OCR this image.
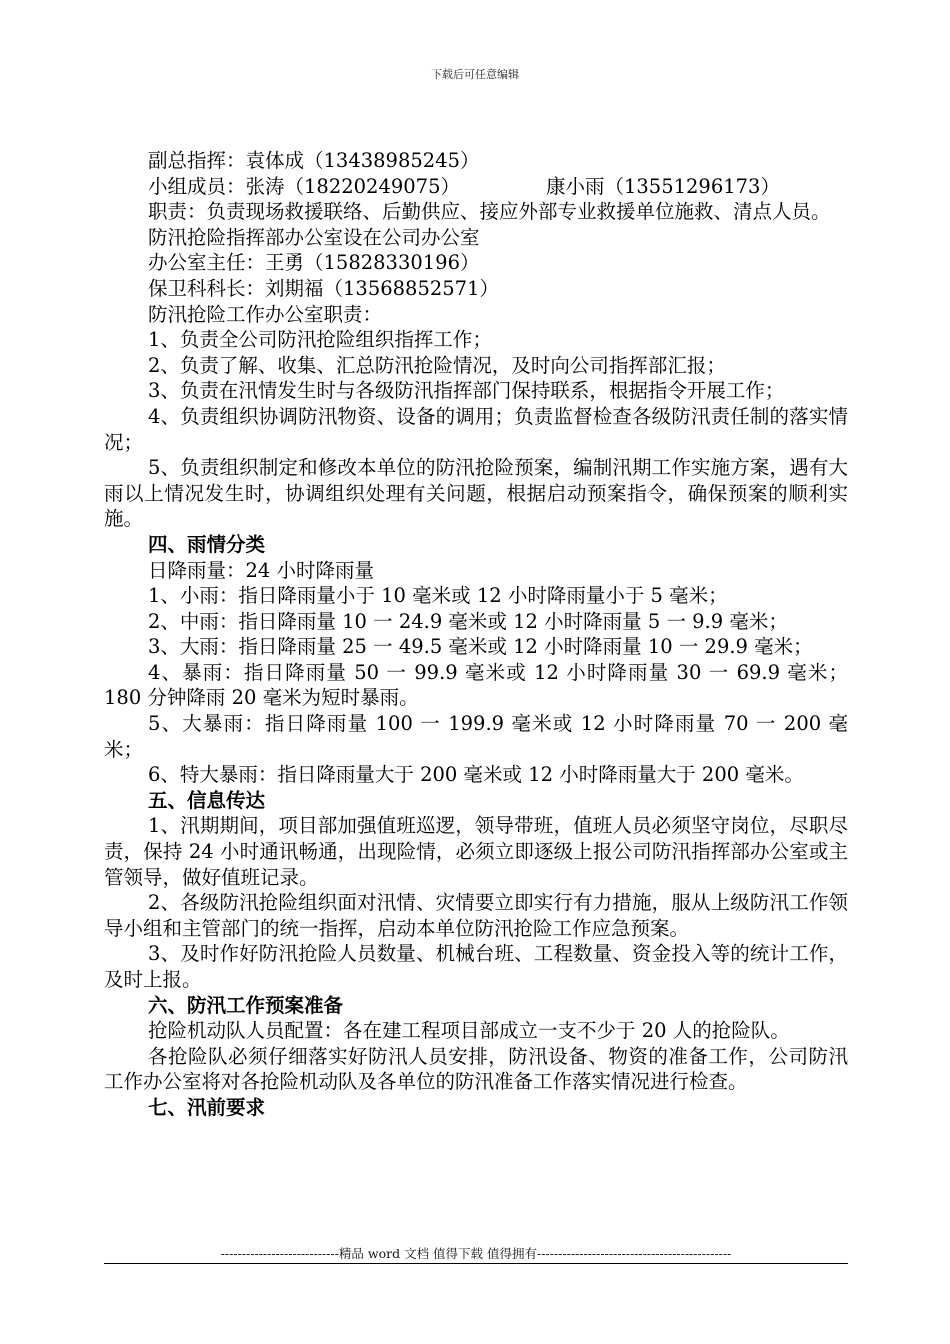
下载后可任意编辑
副总指挥：袁体成（13438985245）
小组成员：张涛（18220249075）	康小雨（13551296173）
职责：负责现场救援联络、后勤供应、接应外部专业救援单位施救、清点人员。
防汛抢险指挥部办公室设在公司办公室
办公室主任：王勇（15828330196）
保卫科科长：刘期福（13568852571）
防汛抢险工作办公室职责：
1、负责全公司防汛抢险组织指挥工作；
2、负责了解、收集、汇总防汛抢险情况，及时向公司指挥部汇报；
3、负责在汛情发生时与各级防汛指挥部门保持联系，根据指令开展工作；
4、负责组织协调防汛物资、设备的调用；负责监督检查各级防汛责任制的落实情况；
5、负责组织制定和修改本单位的防汛抢险预案，编制汛期工作实施方案，遇有大雨以上情况发生时，协调组织处理有关问题，根据启动预案指令，确保预案的顺利实施。
四、雨情分类
日降雨量：24 小时降雨量
1、小雨：指日降雨量小于 10 毫米或 12 小时降雨量小于 5 毫米；
2、中雨：指日降雨量 10 一 24.9 毫米或 12 小时降雨量 5 一 9.9 毫米；
3、大雨：指日降雨量 25 一 49.5 毫米或 12 小时降雨量 10 一 29.9 毫米；
4、暴雨：指日降雨量 50 一 99.9 毫米或 12 小时降雨量 30 一 69.9 毫米；180 分钟降雨 20 毫米为短时暴雨。
5、大暴雨：指日降雨量 100 一 199.9 毫米或 12 小时降雨量 70 一 200 毫米；
6、特大暴雨：指日降雨量大于 200 毫米或 12 小时降雨量大于 200 毫米。
五、信息传达
1、汛期期间，项目部加强值班巡逻，领导带班，值班人员必须坚守岗位，尽职尽责，保持 24 小时通讯畅通，出现险情，必须立即逐级上报公司防汛指挥部办公室或主管领导，做好值班记录。
2、各级防汛抢险组织面对汛情、灾情要立即实行有力措施，服从上级防汛工作领导小组和主管部门的统一指挥，启动本单位防汛抢险工作应急预案。
3、及时作好防汛抢险人员数量、机械台班、工程数量、资金投入等的统计工作，及时上报。
六、防汛工作预案准备
抢险机动队人员配置：各在建工程项目部成立一支不少于 20 人的抢险队。
各抢险队必须仔细落实好防汛人员安排，防汛设备、物资的准备工作，公司防汛工作办公室将对各抢险机动队及各单位的防汛准备工作落实情况进行检查。
七、汛前要求
----------------------------精品 word 文档 值得下载 值得拥有----------------------------------------------
